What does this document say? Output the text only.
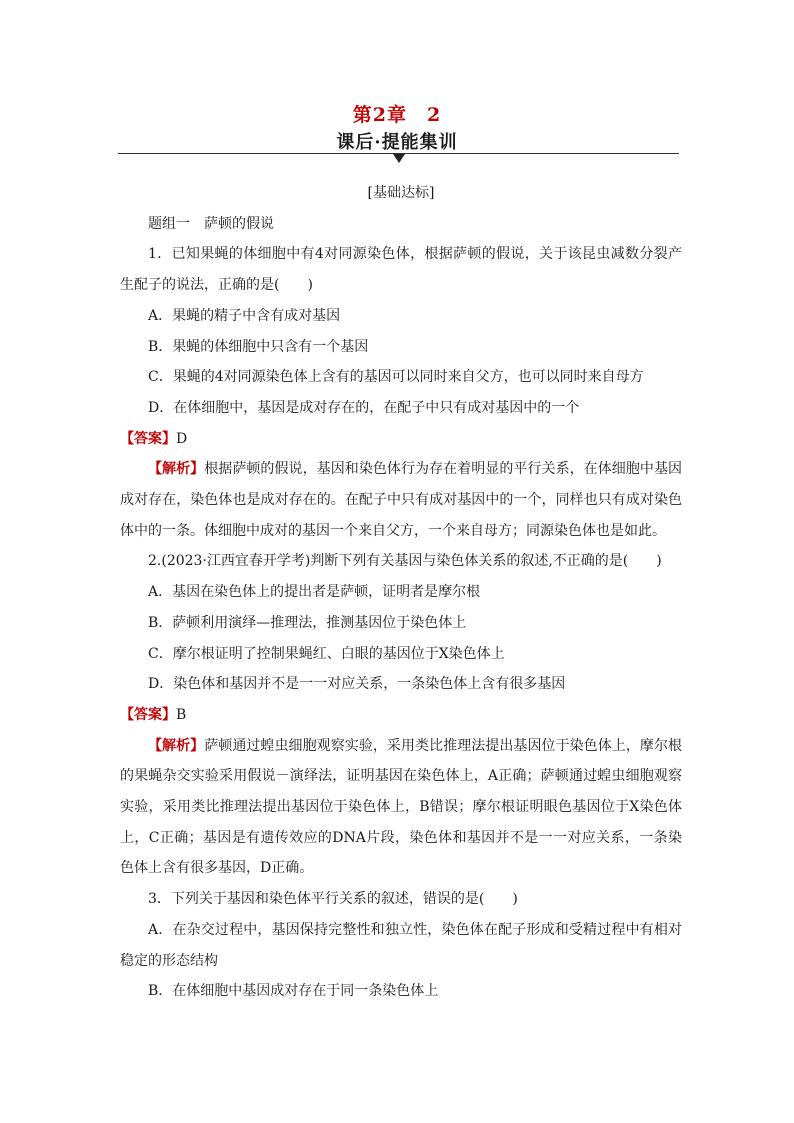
第2章　2
课后·提能集训
[基础达标]
题组一　萨顿的假说
1．已知果蝇的体细胞中有4对同源染色体，根据萨顿的假说，关于该昆虫减数分裂产生配子的说法，正确的是(　　)
A．果蝇的精子中含有成对基因
B．果蝇的体细胞中只含有一个基因
C．果蝇的4对同源染色体上含有的基因可以同时来自父方，也可以同时来自母方
D．在体细胞中，基因是成对存在的，在配子中只有成对基因中的一个
【答案】D
【解析】根据萨顿的假说，基因和染色体行为存在着明显的平行关系，在体细胞中基因成对存在，染色体也是成对存在的。在配子中只有成对基因中的一个，同样也只有成对染色体中的一条。体细胞中成对的基因一个来自父方，一个来自母方；同源染色体也是如此。
2.(2023·江西宜春开学考)判断下列有关基因与染色体关系的叙述,不正确的是(　　)
A．基因在染色体上的提出者是萨顿，证明者是摩尔根
B．萨顿利用演绎—推理法，推测基因位于染色体上
C．摩尔根证明了控制果蝇红、白眼的基因位于X染色体上
D．染色体和基因并不是一一对应关系，一条染色体上含有很多基因
【答案】B
【解析】萨顿通过蝗虫细胞观察实验，采用类比推理法提出基因位于染色体上，摩尔根的果蝇杂交实验采用假说－演绎法，证明基因在染色体上，A正确；萨顿通过蝗虫细胞观察实验，采用类比推理法提出基因位于染色体上，B错误；摩尔根证明眼色基因位于X染色体上，C正确；基因是有遗传效应的DNA片段，染色体和基因并不是一一对应关系，一条染色体上含有很多基因，D正确。
3．下列关于基因和染色体平行关系的叙述，错误的是(　　)
A．在杂交过程中，基因保持完整性和独立性，染色体在配子形成和受精过程中有相对稳定的形态结构
B．在体细胞中基因成对存在于同一条染色体上
